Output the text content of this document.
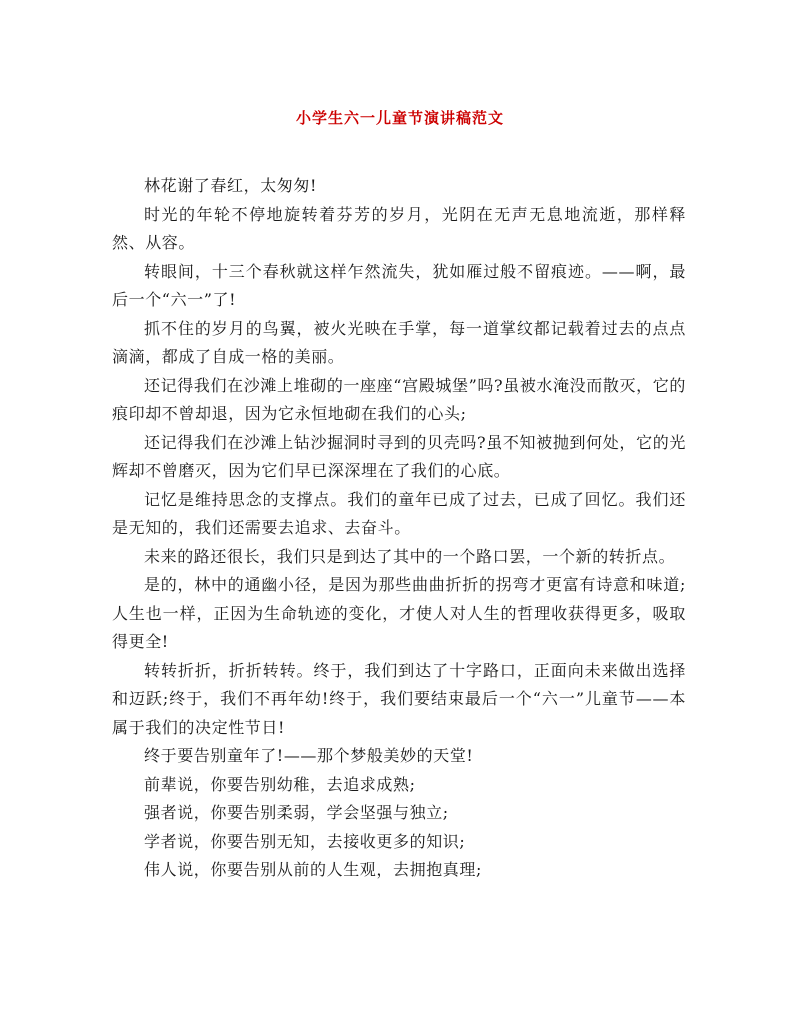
小学生六一儿童节演讲稿范文

林花谢了春红，太匆匆!

时光的年轮不停地旋转着芬芳的岁月，光阴在无声无息地流逝，那样释然、从容。

转眼间，十三个春秋就这样乍然流失，犹如雁过般不留痕迹。——啊，最后一个“六一”了!

抓不住的岁月的鸟翼，被火光映在手掌，每一道掌纹都记载着过去的点点滴滴，都成了自成一格的美丽。

还记得我们在沙滩上堆砌的一座座“宫殿城堡”吗?虽被水淹没而散灭，它的痕印却不曾却退，因为它永恒地砌在我们的心头;

还记得我们在沙滩上钻沙掘洞时寻到的贝壳吗?虽不知被抛到何处，它的光辉却不曾磨灭，因为它们早已深深埋在了我们的心底。

记忆是维持思念的支撑点。我们的童年已成了过去，已成了回忆。我们还是无知的，我们还需要去追求、去奋斗。

未来的路还很长，我们只是到达了其中的一个路口罢，一个新的转折点。

是的，林中的通幽小径，是因为那些曲曲折折的拐弯才更富有诗意和味道;人生也一样，正因为生命轨迹的变化，才使人对人生的哲理收获得更多，吸取得更全!

转转折折，折折转转。终于，我们到达了十字路口，正面向未来做出选择和迈跃;终于，我们不再年幼!终于，我们要结束最后一个“六一”儿童节——本属于我们的决定性节日!

终于要告别童年了!——那个梦般美妙的天堂!

前辈说，你要告别幼稚，去追求成熟;

强者说，你要告别柔弱，学会坚强与独立;

学者说，你要告别无知，去接收更多的知识;

伟人说，你要告别从前的人生观，去拥抱真理;
